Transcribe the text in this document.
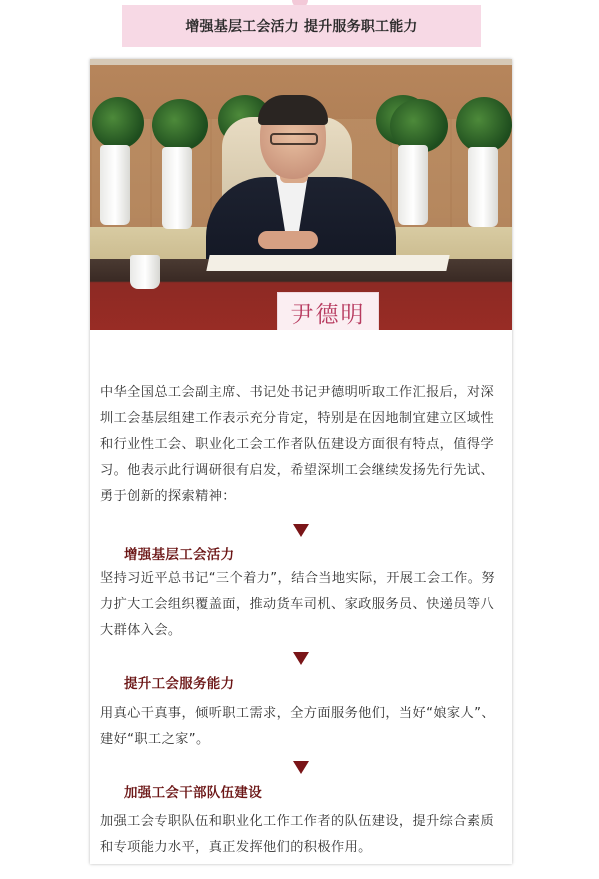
增强基层工会活力 提升服务职工能力
尹德明

中华全国总工会副主席、书记处书记尹德明听取工作汇报后，对深圳工会基层组建工作表示充分肯定，特别是在因地制宜建立区域性和行业性工会、职业化工会工作者队伍建设方面很有特点，值得学习。他表示此行调研很有启发，希望深圳工会继续发扬先行先试、勇于创新的探索精神：

增强基层工会活力

坚持习近平总书记“三个着力”，结合当地实际，开展工会工作。努力扩大工会组织覆盖面，推动货车司机、家政服务员、快递员等八大群体入会。

提升工会服务能力

用真心干真事，倾听职工需求，全方面服务他们，当好“娘家人”、建好“职工之家”。

加强工会干部队伍建设

加强工会专职队伍和职业化工作工作者的队伍建设，提升综合素质和专项能力水平，真正发挥他们的积极作用。
